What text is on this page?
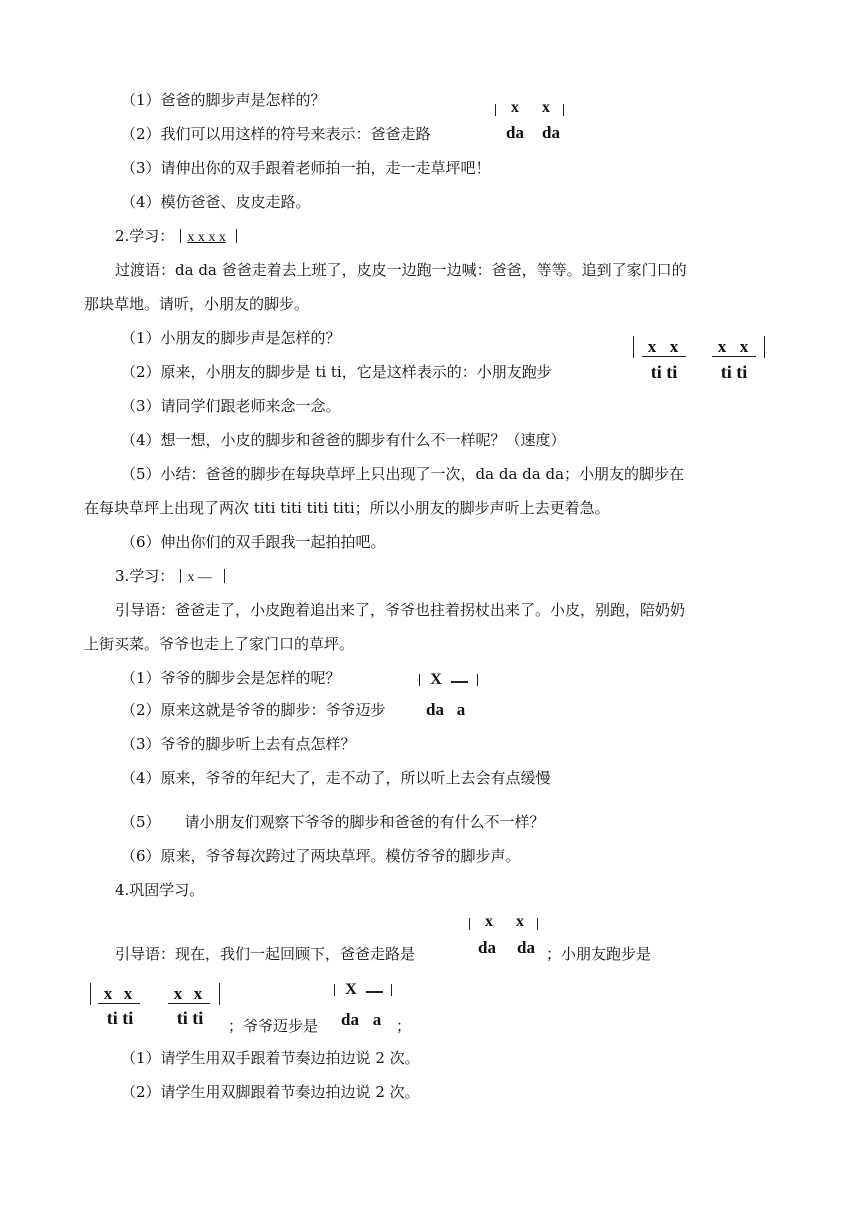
（1）爸爸的脚步声是怎样的？
（2）我们可以用这样的符号来表示：爸爸走路
x	x
da	da
（3）请伸出你的双手跟着老师拍一拍，走一走草坪吧！
（4）模仿爸爸、皮皮走路。
2.学习： x x x x
过渡语：da da 爸爸走着去上班了，皮皮一边跑一边喊：爸爸，等等。追到了家门口的
那块草地。请听，小朋友的脚步。
（1）小朋友的脚步声是怎样的？
（2）原来，小朋友的脚步是 ti ti，它是这样表示的：小朋友跑步
x x	x x
ti ti	ti ti
（3）请同学们跟老师来念一念。
（4）想一想，小皮的脚步和爸爸的脚步有什么不一样呢？（速度）
（5）小结：爸爸的脚步在每块草坪上只出现了一次，da da da da；小朋友的脚步在
在每块草坪上出现了两次 titi titi titi titi；所以小朋友的脚步声听上去更着急。
（6）伸出你们的双手跟我一起拍拍吧。
3.学习： x —
引导语：爸爸走了，小皮跑着追出来了，爷爷也拄着拐杖出来了。小皮，别跑，陪奶奶
上街买菜。爷爷也走上了家门口的草坪。
（1）爷爷的脚步会是怎样的呢？	X
da a
（2）原来这就是爷爷的脚步：爷爷迈步
（3）爷爷的脚步听上去有点怎样？
（4）原来，爷爷的年纪大了，走不动了，所以听上去会有点缓慢
（5） 请小朋友们观察下爷爷的脚步和爸爸的有什么不一样？
（6）原来，爷爷每次跨过了两块草坪。模仿爷爷的脚步声。
4.巩固学习。
引导语：现在，我们一起回顾下，爸爸走路是
x	x
da	da ；小朋友跑步是
x x	x x
ti ti	ti ti	；爷爷迈步是
X
da a ；
（1）请学生用双手跟着节奏边拍边说 2 次。
（2）请学生用双脚跟着节奏边拍边说 2 次。
